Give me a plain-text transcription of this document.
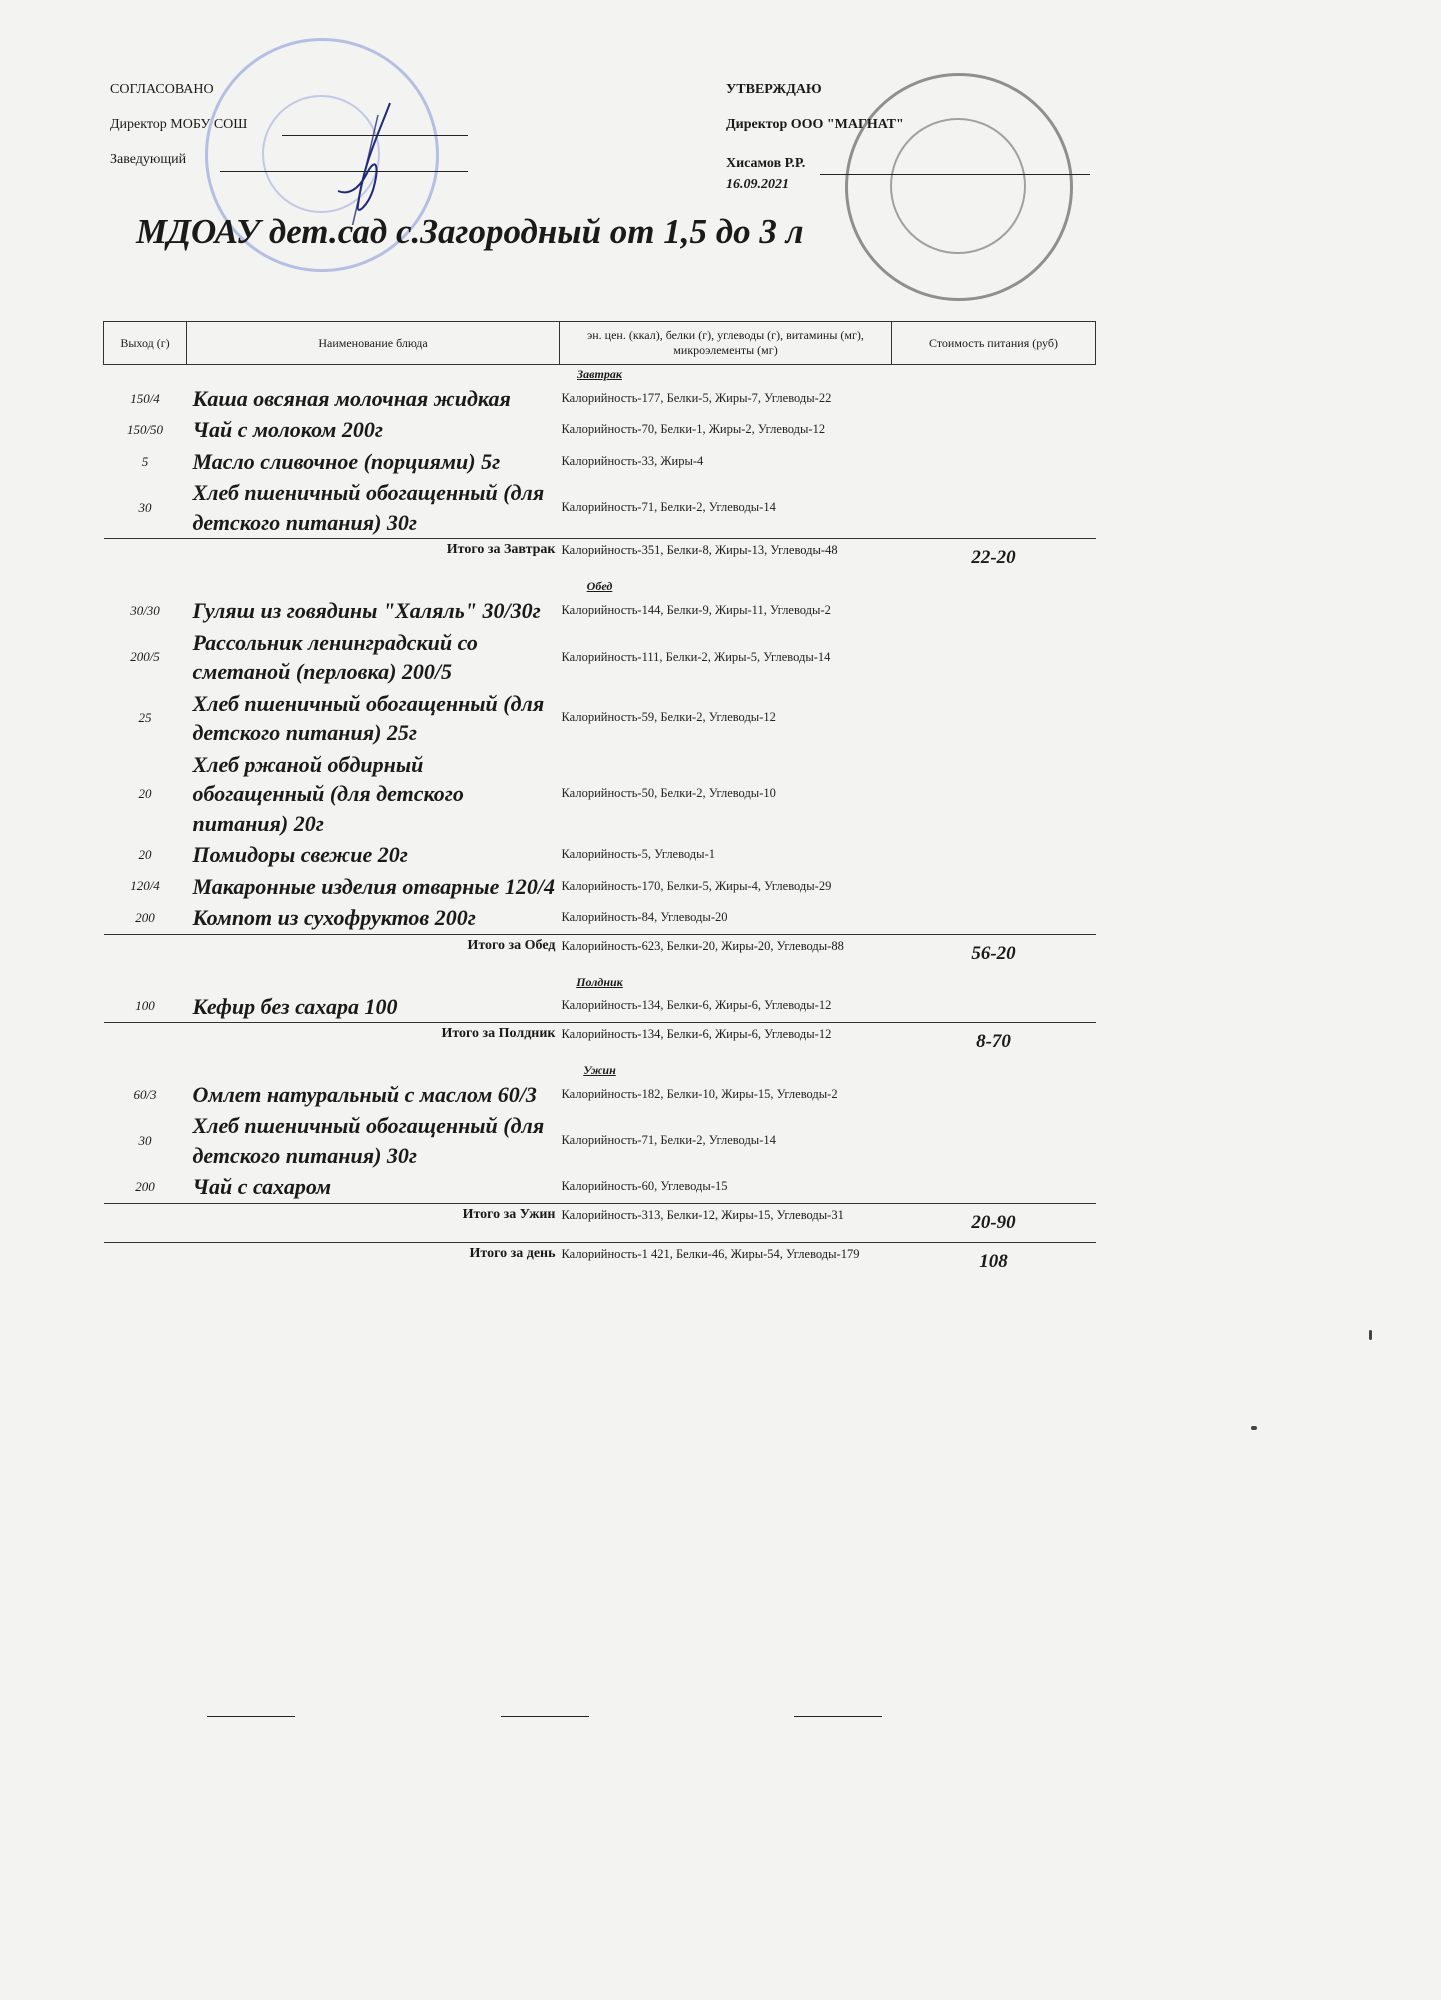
СОГЛАСОВАНО
Директор МОБУ СОШ
Заведующий
УТВЕРЖДАЮ
Директор ООО "МАГНАТ"
Хисамов Р.Р.
16.09.2021
МДОАУ дет.сад с.Загородный от 1,5 до 3 л
Выход (г)	Наименование блюда	эн. цен. (ккал), белки (г), углеводы (г), витамины (мг), микроэлементы (мг)	Стоимость питания (руб)
Завтрак			
150/4	Каша овсяная молочная жидкая	Калорийность-177, Белки-5, Жиры-7, Углеводы-22	
150/50	Чай с молоком 200г	Калорийность-70, Белки-1, Жиры-2, Углеводы-12	
5	Масло сливочное (порциями) 5г	Калорийность-33, Жиры-4	
30	Хлеб пшеничный обогащенный (для детского питания) 30г	Калорийность-71, Белки-2, Углеводы-14	
Итого за Завтрак		Калорийность-351, Белки-8, Жиры-13, Углеводы-48	22-20
Обед			
30/30	Гуляш из говядины "Халяль" 30/30г	Калорийность-144, Белки-9, Жиры-11, Углеводы-2	
200/5	Рассольник ленинградский со сметаной (перловка) 200/5	Калорийность-111, Белки-2, Жиры-5, Углеводы-14	
25	Хлеб пшеничный обогащенный (для детского питания) 25г	Калорийность-59, Белки-2, Углеводы-12	
20	Хлеб ржаной обдирный обогащенный (для детского питания) 20г	Калорийность-50, Белки-2, Углеводы-10	
20	Помидоры свежие 20г	Калорийность-5, Углеводы-1	
120/4	Макаронные изделия отварные 120/4	Калорийность-170, Белки-5, Жиры-4, Углеводы-29	
200	Компот из сухофруктов 200г	Калорийность-84, Углеводы-20	
Итого за Обед		Калорийность-623, Белки-20, Жиры-20, Углеводы-88	56-20
Полдник			
100	Кефир без сахара 100	Калорийность-134, Белки-6, Жиры-6, Углеводы-12	
Итого за Полдник		Калорийность-134, Белки-6, Жиры-6, Углеводы-12	8-70
Ужин			
60/3	Омлет натуральный с маслом 60/3	Калорийность-182, Белки-10, Жиры-15, Углеводы-2	
30	Хлеб пшеничный обогащенный (для детского питания) 30г	Калорийность-71, Белки-2, Углеводы-14	
200	Чай с сахаром	Калорийность-60, Углеводы-15	
Итого за Ужин		Калорийность-313, Белки-12, Жиры-15, Углеводы-31	20-90
Итого за день		Калорийность-1 421, Белки-46, Жиры-54, Углеводы-179	108
